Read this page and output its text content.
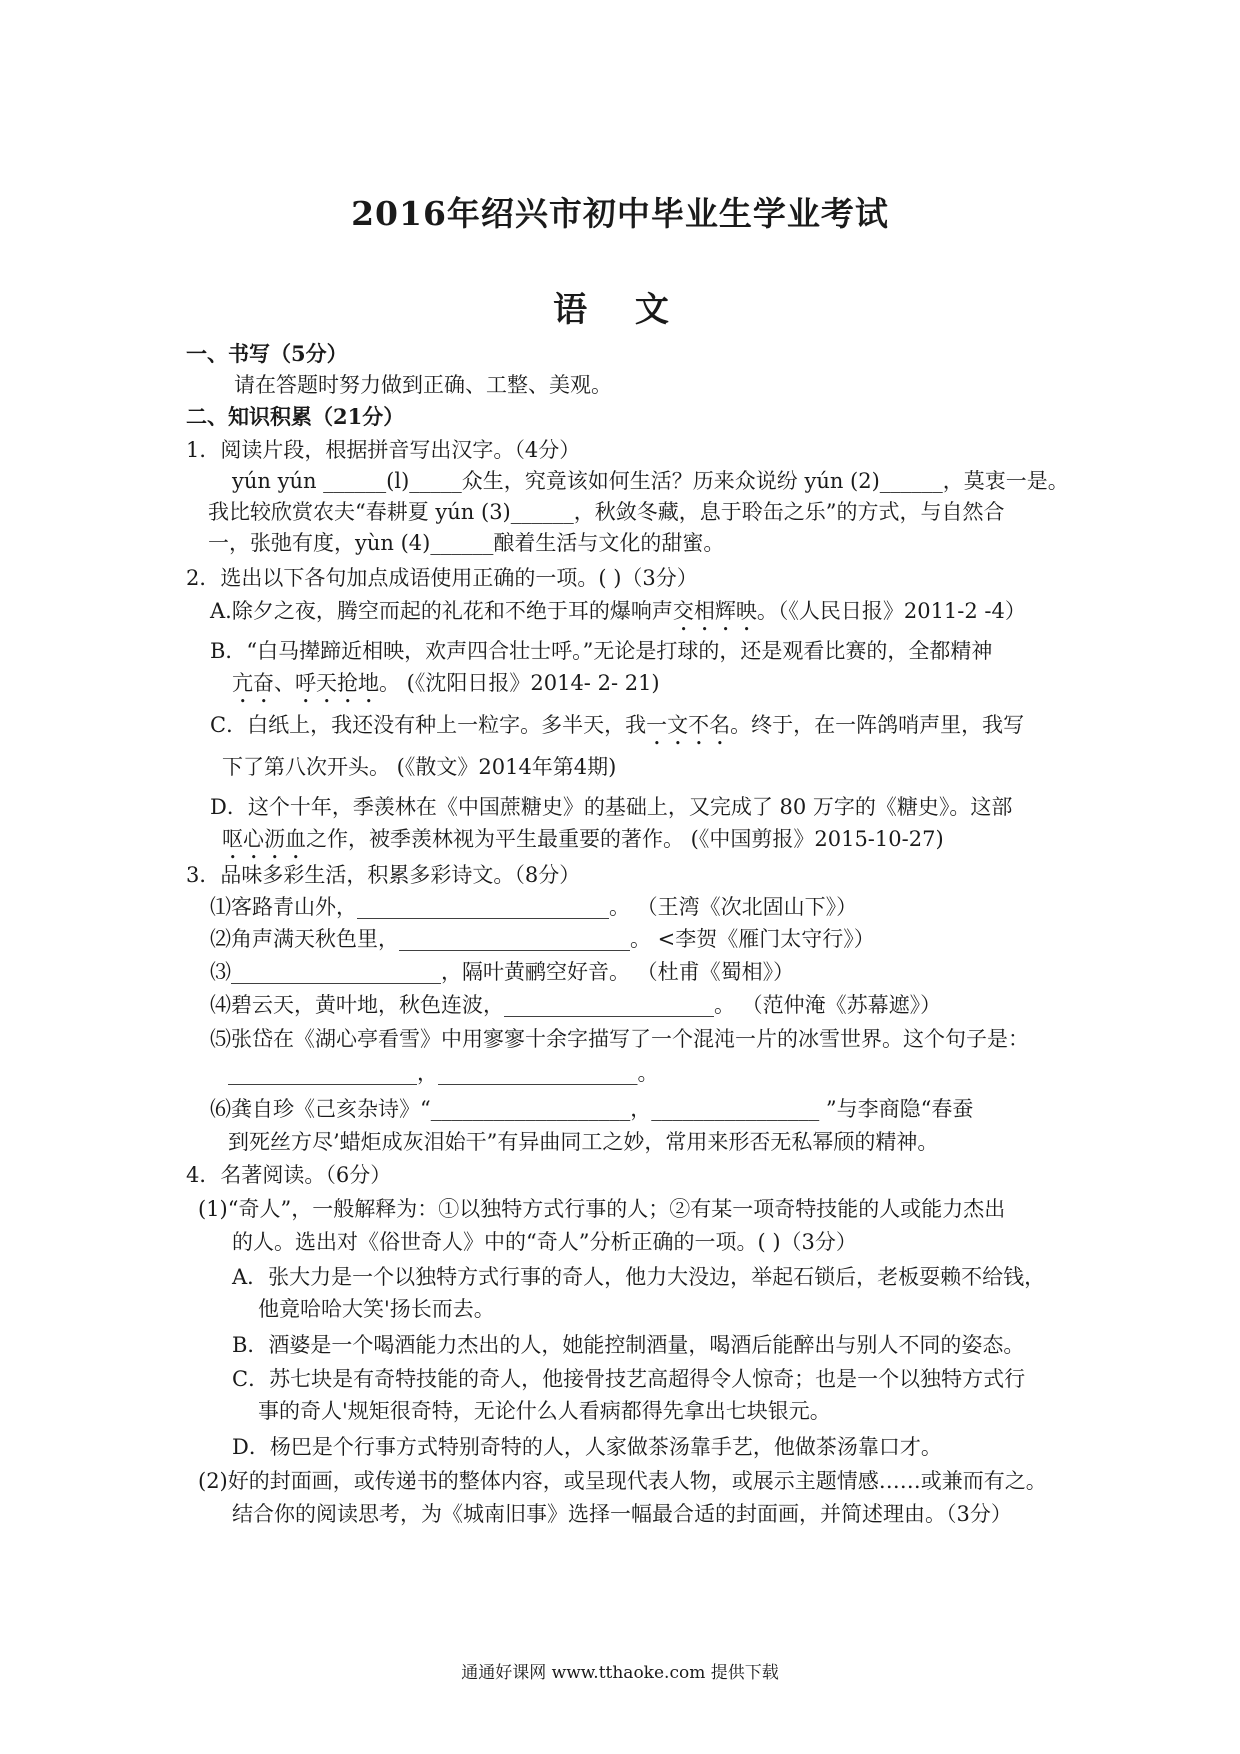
2016年绍兴市初中毕业生学业考试
语 文
一、书写（5分）
请在答题时努力做到正确、工整、美观。
二、知识积累（21分）
1．阅读片段，根据拼音写出汉字。（4分）
yún yún ______(l)_____众生，究竟该如何生活？历来众说纷 yún (2)______，莫衷一是。
我比较欣赏农夫“春耕夏 yún (3)______，秋敛冬藏，息于聆缶之乐”的方式，与自然合
一，张弛有度，yùn (4)______酿着生活与文化的甜蜜。
2．选出以下各句加点成语使用正确的一项。( )（3分）
A.除夕之夜，腾空而起的礼花和不绝于耳的爆响声交相辉映。（《人民日报》2011-2 -4）
B．“白马撵蹄近相映，欢声四合壮士呼。”无论是打球的，还是观看比赛的，全都精神
亢奋、呼天抢地。 (《沈阳日报》2014- 2- 21)
C．白纸上，我还没有种上一粒字。多半天，我一文不名。终于，在一阵鸽哨声里，我写
下了第八次开头。 (《散文》2014年第4期)
D．这个十年，季羡林在《中国蔗糖史》的基础上，又完成了 80 万字的《糖史》。这部
呕心沥血之作，被季羡林视为平生最重要的著作。 (《中国剪报》2015-10-27)
3．品味多彩生活，积累多彩诗文。（8分）
⑴客路青山外，________________________。 （王湾《次北固山下》）
⑵角声满天秋色里，______________________。 <李贺《雁门太守行》）
⑶____________________，隔叶黄鹂空好音。 （杜甫《蜀相》）
⑷碧云天，黄叶地，秋色连波，____________________。 （范仲淹《苏幕遮》）
⑸张岱在《湖心亭看雪》中用寥寥十余字描写了一个混沌一片的冰雪世界。这个句子是：
__________________，___________________。
⑹龚自珍《己亥杂诗》“___________________，________________ ”与李商隐“春蚕
到死丝方尽’蜡炬成灰泪始干”有异曲同工之妙，常用来形否无私幂颀的精神。
4．名著阅读。（6分）
(1)“奇人”，一般解释为：①以独特方式行事的人；②有某一项奇特技能的人或能力杰出
的人。选出对《俗世奇人》中的“奇人”分析正确的一项。( )（3分）
A．张大力是一个以独特方式行事的奇人，他力大没边，举起石锁后，老板耍赖不给钱，
他竟哈哈大笑'扬长而去。
B．酒婆是一个喝酒能力杰出的人，她能控制酒量，喝酒后能醉出与别人不同的姿态。
C．苏七块是有奇特技能的奇人，他接骨技艺高超得令人惊奇；也是一个以独特方式行
事的奇人'规矩很奇特，无论什么人看病都得先拿出七块银元。
D．杨巴是个行事方式特别奇特的人，人家做茶汤靠手艺，他做茶汤靠口才。
(2)好的封面画，或传递书的整体内容，或呈现代表人物，或展示主题情感……或兼而有之。
结合你的阅读思考，为《城南旧事》选择一幅最合适的封面画，并简述理由。（3分）
通通好课网 www.tthaoke.com 提供下载
